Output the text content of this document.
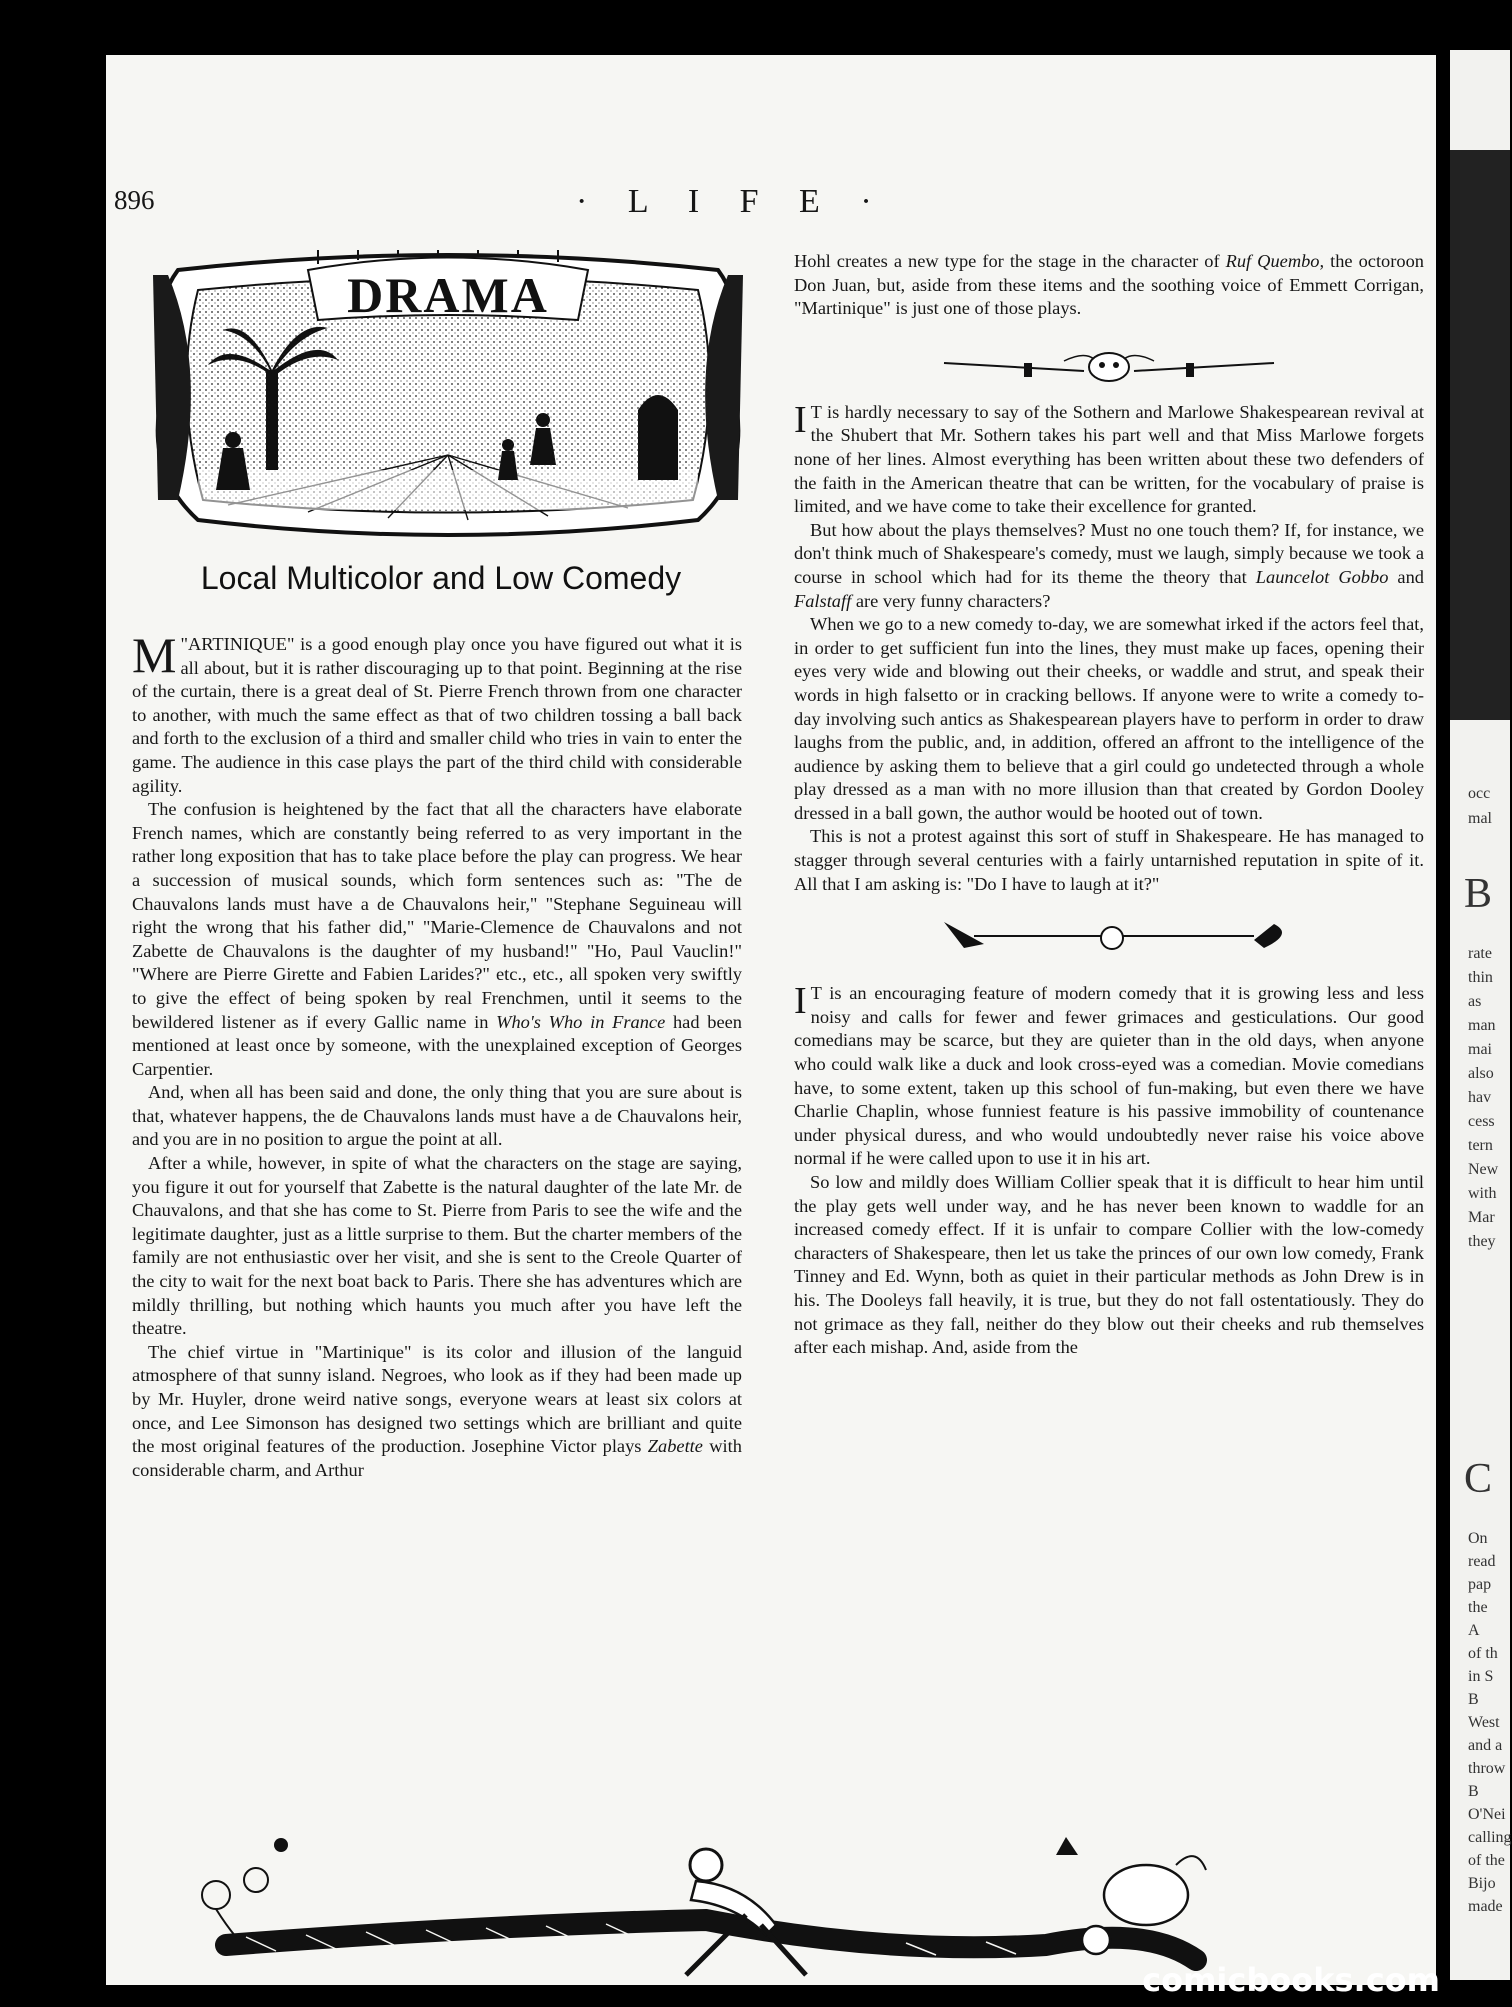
896	· L I F E ·
DRAMA
Local Multicolor and Low Comedy

"
M ARTINIQUE" is a good enough play once you have figured out what it is all about, but it is rather discouraging up to that point. Beginning at the rise of the curtain, there is a great deal of St. Pierre French thrown from one character to another, with much the same effect as that of two children tossing a ball back and forth to the exclusion of a third and smaller child who tries in vain to enter the game. The audience in this case plays the part of the third child with considerable agility.

The confusion is heightened by the fact that all the characters have elaborate French names, which are constantly being referred to as very important in the rather long exposition that has to take place before the play can progress. We hear a succession of musical sounds, which form sentences such as: "The de Chauvalons lands must have a de Chauvalons heir," "Stephane Seguineau will right the wrong that his father did," "Marie-Clemence de Chauvalons and not Zabette de Chauvalons is the daughter of my husband!" "Ho, Paul Vauclin!" "Where are Pierre Girette and Fabien Larides?" etc., etc., all spoken very swiftly to give the effect of being spoken by real Frenchmen, until it seems to the bewildered listener as if every Gallic name in Who's Who in France had been mentioned at least once by someone, with the unexplained exception of Georges Carpentier.

And, when all has been said and done, the only thing that you are sure about is that, whatever happens, the de Chauvalons lands must have a de Chauvalons heir, and you are in no position to argue the point at all.

After a while, however, in spite of what the characters on the stage are saying, you figure it out for yourself that Zabette is the natural daughter of the late Mr. de Chauvalons, and that she has come to St. Pierre from Paris to see the wife and the legitimate daughter, just as a little surprise to them. But the charter members of the family are not enthusiastic over her visit, and she is sent to the Creole Quarter of the city to wait for the next boat back to Paris. There she has adventures which are mildly thrilling, but nothing which haunts you much after you have left the theatre.

The chief virtue in "Martinique" is its color and illusion of the languid atmosphere of that sunny island. Negroes, who look as if they had been made up by Mr. Huyler, drone weird native songs, everyone wears at least six colors at once, and Lee Simonson has designed two settings which are brilliant and quite the most original features of the production. Josephine Victor plays Zabette with considerable charm, and Arthur

Hohl creates a new type for the stage in the character of Ruf Quembo, the octoroon Don Juan, but, aside from these items and the soothing voice of Emmett Corrigan, "Martinique" is just one of those plays.

I T is hardly necessary to say of the Sothern and Marlowe Shakespearean revival at the Shubert that Mr. Sothern takes his part well and that Miss Marlowe forgets none of her lines. Almost everything has been written about these two defenders of the faith in the American theatre that can be written, for the vocabulary of praise is limited, and we have come to take their excellence for granted.

But how about the plays themselves? Must no one touch them? If, for instance, we don't think much of Shakespeare's comedy, must we laugh, simply because we took a course in school which had for its theme the theory that Launcelot Gobbo and Falstaff are very funny characters?

When we go to a new comedy to-day, we are somewhat irked if the actors feel that, in order to get sufficient fun into the lines, they must make up faces, opening their eyes very wide and blowing out their cheeks, or waddle and strut, and speak their words in high falsetto or in cracking bellows. If anyone were to write a comedy to-day involving such antics as Shakespearean players have to perform in order to draw laughs from the public, and, in addition, offered an affront to the intelligence of the audience by asking them to believe that a girl could go undetected through a whole play dressed as a man with no more illusion than that created by Gordon Dooley dressed in a ball gown, the author would be hooted out of town.

This is not a protest against this sort of stuff in Shakespeare. He has managed to stagger through several centuries with a fairly untarnished reputation in spite of it. All that I am asking is: "Do I have to laugh at it?"

I T is an encouraging feature of modern comedy that it is growing less and less noisy and calls for fewer and fewer grimaces and gesticulations. Our good comedians may be scarce, but they are quieter than in the old days, when anyone who could walk like a duck and look cross-eyed was a comedian. Movie comedians have, to some extent, taken up this school of fun-making, but even there we have Charlie Chaplin, whose funniest feature is his passive immobility of countenance under physical duress, and who would undoubtedly never raise his voice above normal if he were called upon to use it in his art.

So low and mildly does William Collier speak that it is difficult to hear him until the play gets well under way, and he has never been known to waddle for an increased comedy effect. If it is unfair to compare Collier with the low-comedy characters of Shakespeare, then let us take the princes of our own low comedy, Frank Tinney and Ed. Wynn, both as quiet in their particular methods as John Drew is in his. The Dooleys fall heavily, it is true, but they do not fall ostentatiously. They do not grimace as they fall, neither do they blow out their cheeks and rub themselves after each mishap. And, aside from the

occ
mal
B
rate
thin
as
man
mai
also
hav
cess
tern
New
with
Mar
they
C
On
read
pap
the
A
of th
in S
B
West
and a
throw
B
O'Nei
calling
of the
Bijo
made
comicbooks.com
